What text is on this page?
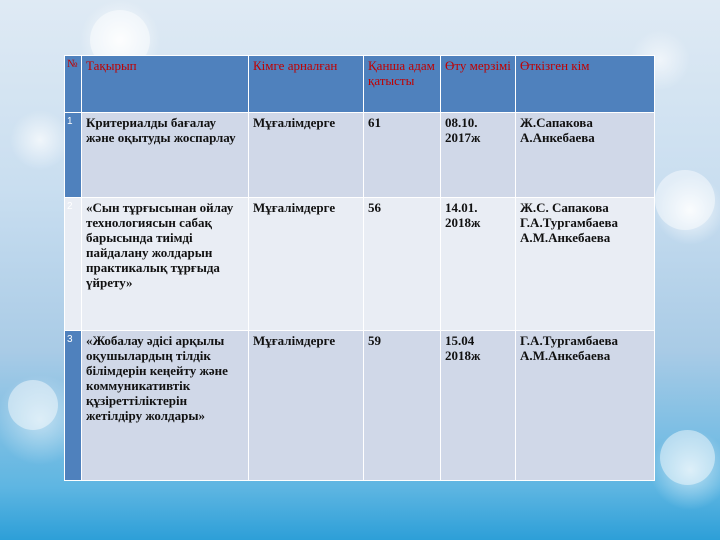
№	Тақырып	Кімге арналған	Қанша адам қатысты	Өту мерзімі	Өткізген кім
1	Критериалды бағалау және оқытуды жоспарлау	Мұғалімдерге	61	08.10. 2017ж	Ж.Сапакова А.Анкебаева
2	«Сын тұрғысынан ойлау технологиясын сабақ барысында тиімді пайдалану жолдарын практикалық тұрғыда үйрету»	Мұғалімдерге	56	14.01. 2018ж	Ж.С. Сапакова Г.А.Тургамбаева А.М.Анкебаева
3	«Жобалау әдісі арқылы оқушылардың тілдік білімдерін кеңейту және коммуникативтік құзіреттіліктерін жетілдіру жолдары»	Мұғалімдерге	59	15.04 2018ж	Г.А.Тургамбаева А.М.Анкебаева
